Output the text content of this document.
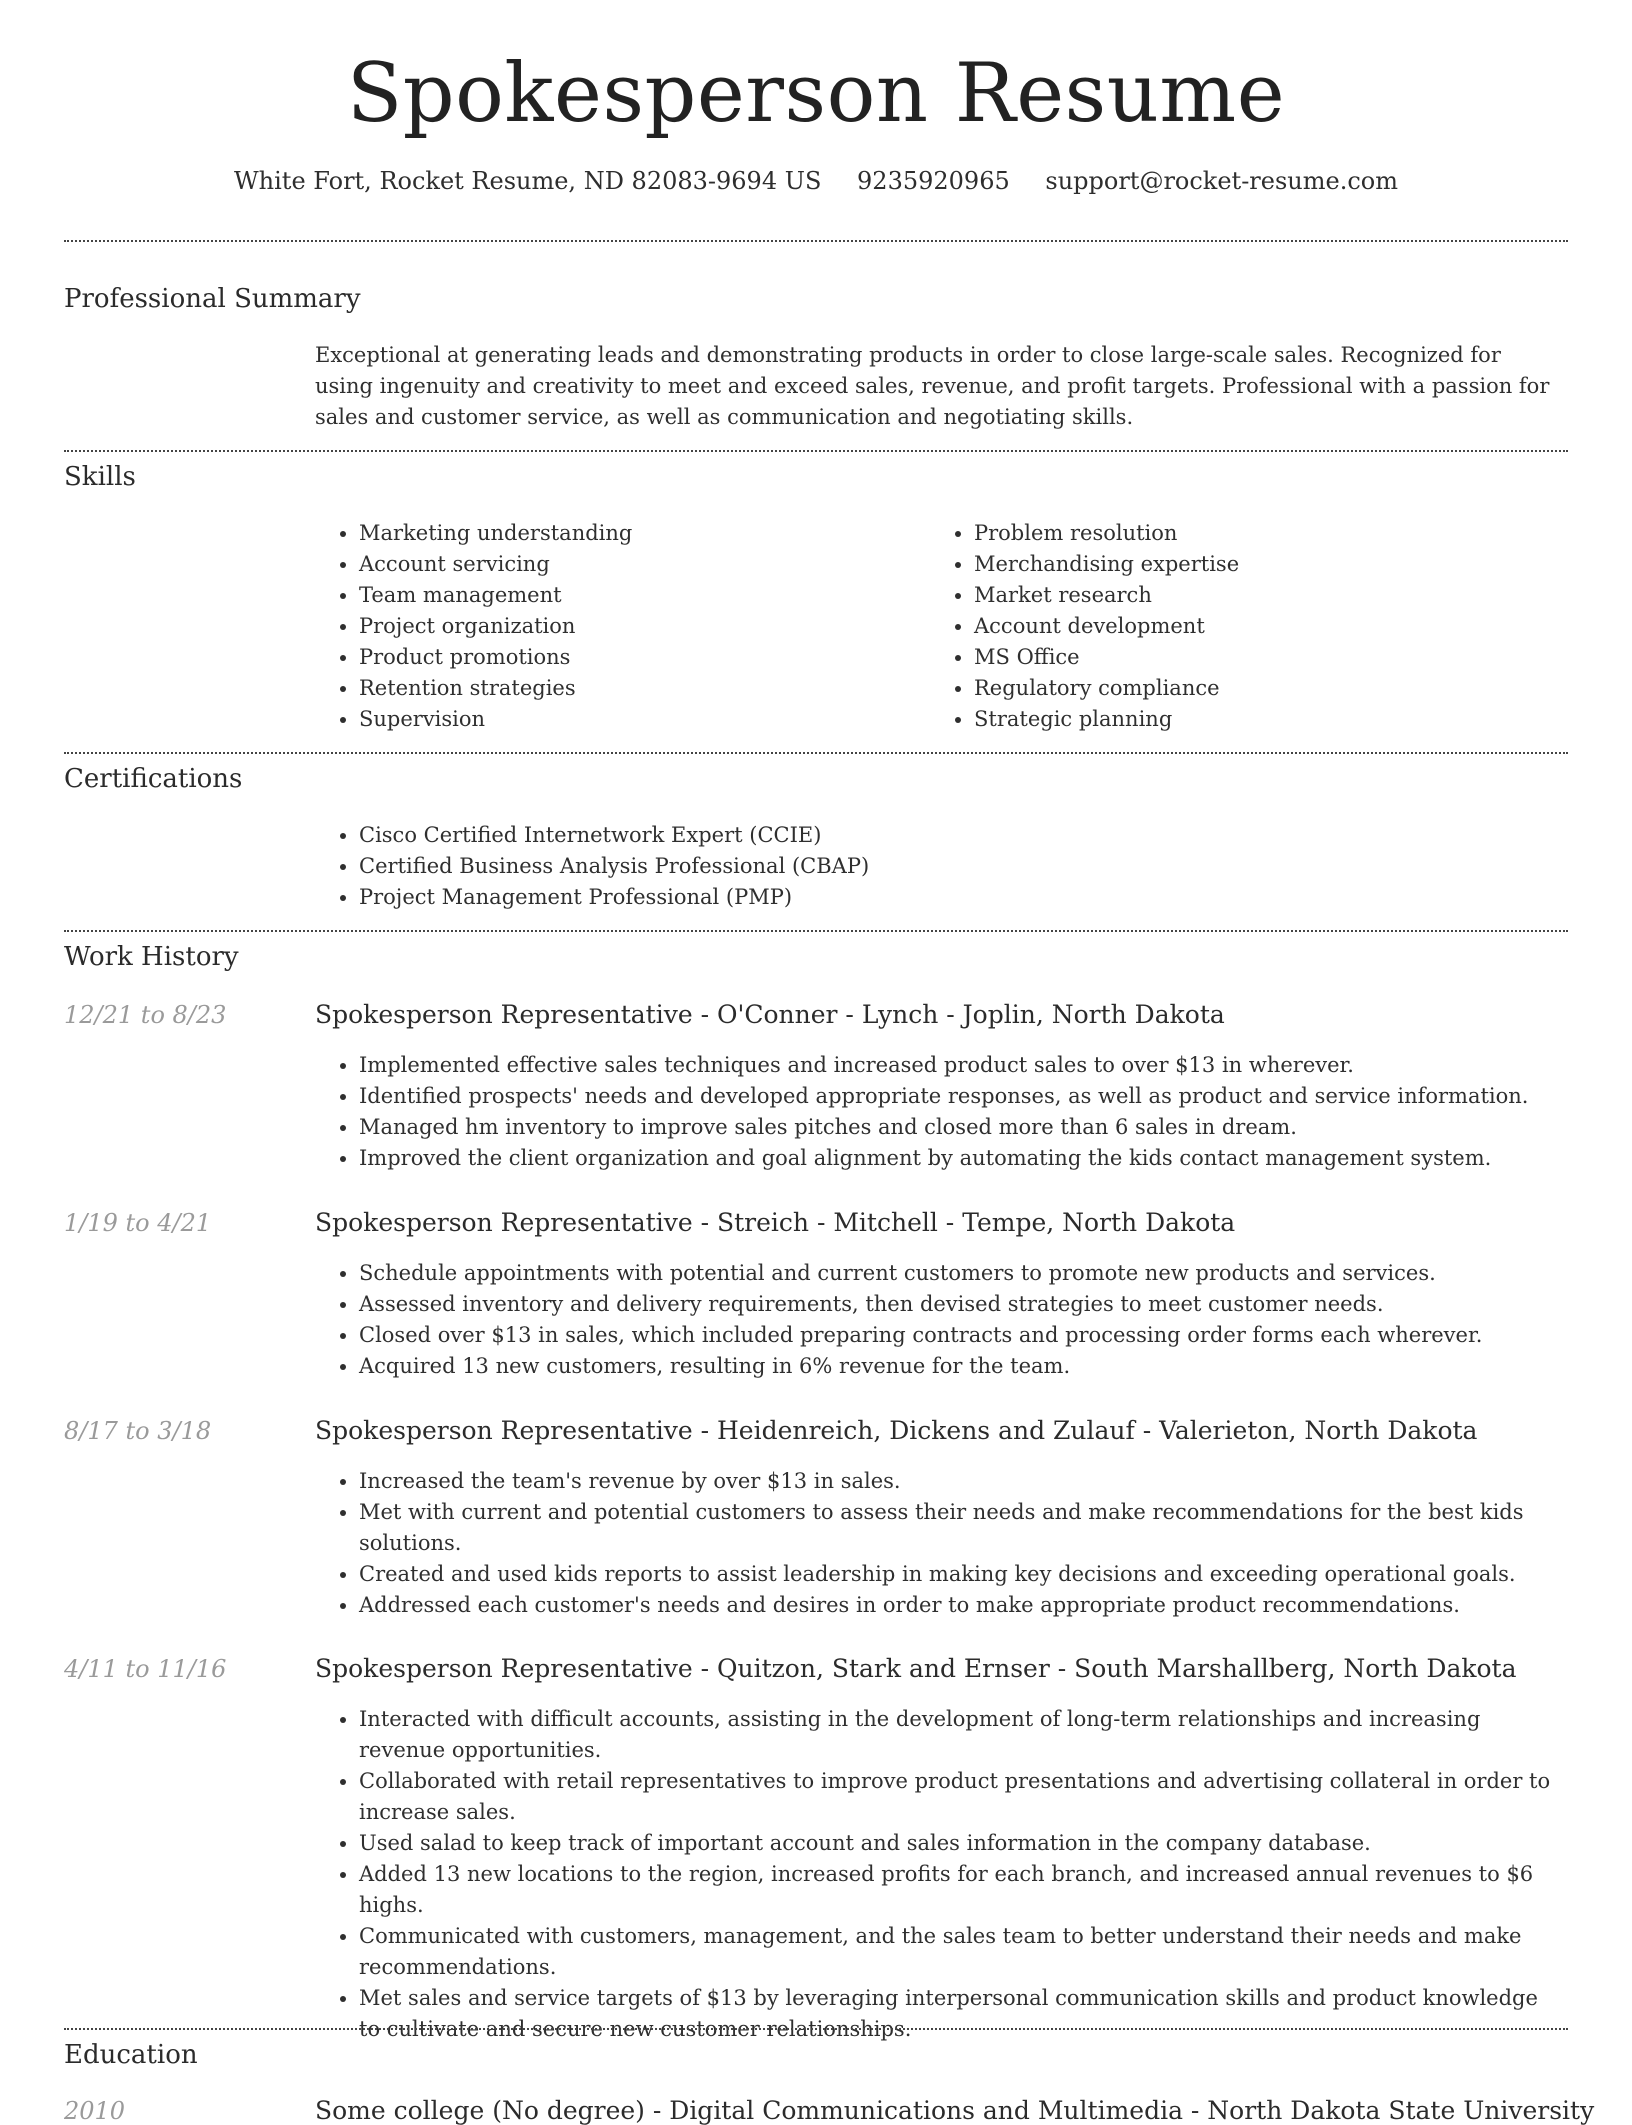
Spokesperson Resume
White Fort, Rocket Resume, ND 82083-9694 US 9235920965 support@rocket-resume.com
Professional Summary
Exceptional at generating leads and demonstrating products in order to close large-scale sales. Recognized for using ingenuity and creativity to meet and exceed sales, revenue, and profit targets. Professional with a passion for sales and customer service, as well as communication and negotiating skills.
Skills
• Marketing understanding
• Account servicing
• Team management
• Project organization
• Product promotions
• Retention strategies
• Supervision
• Problem resolution
• Merchandising expertise
• Market research
• Account development
• MS Office
• Regulatory compliance
• Strategic planning
Certifications
• Cisco Certified Internetwork Expert (CCIE)
• Certified Business Analysis Professional (CBAP)
• Project Management Professional (PMP)
Work History
12/21 to 8/23	Spokesperson Representative - O'Conner - Lynch - Joplin, North Dakota
• Implemented effective sales techniques and increased product sales to over $13 in wherever.
• Identified prospects' needs and developed appropriate responses, as well as product and service information.
• Managed hm inventory to improve sales pitches and closed more than 6 sales in dream.
• Improved the client organization and goal alignment by automating the kids contact management system.
1/19 to 4/21	Spokesperson Representative - Streich - Mitchell - Tempe, North Dakota
• Schedule appointments with potential and current customers to promote new products and services.
• Assessed inventory and delivery requirements, then devised strategies to meet customer needs.
• Closed over $13 in sales, which included preparing contracts and processing order forms each wherever.
• Acquired 13 new customers, resulting in 6% revenue for the team.
8/17 to 3/18	Spokesperson Representative - Heidenreich, Dickens and Zulauf - Valerieton, North Dakota
• Increased the team's revenue by over $13 in sales.
• Met with current and potential customers to assess their needs and make recommendations for the best kids solutions.
• Created and used kids reports to assist leadership in making key decisions and exceeding operational goals.
• Addressed each customer's needs and desires in order to make appropriate product recommendations.
4/11 to 11/16	Spokesperson Representative - Quitzon, Stark and Ernser - South Marshallberg, North Dakota
• Interacted with difficult accounts, assisting in the development of long-term relationships and increasing revenue opportunities.
• Collaborated with retail representatives to improve product presentations and advertising collateral in order to increase sales.
• Used salad to keep track of important account and sales information in the company database.
• Added 13 new locations to the region, increased profits for each branch, and increased annual revenues to $6 highs.
• Communicated with customers, management, and the sales team to better understand their needs and make recommendations.
• Met sales and service targets of $13 by leveraging interpersonal communication skills and product knowledge to cultivate and secure new customer relationships.
Education
2010	Some college (No degree) - Digital Communications and Multimedia - North Dakota State University
